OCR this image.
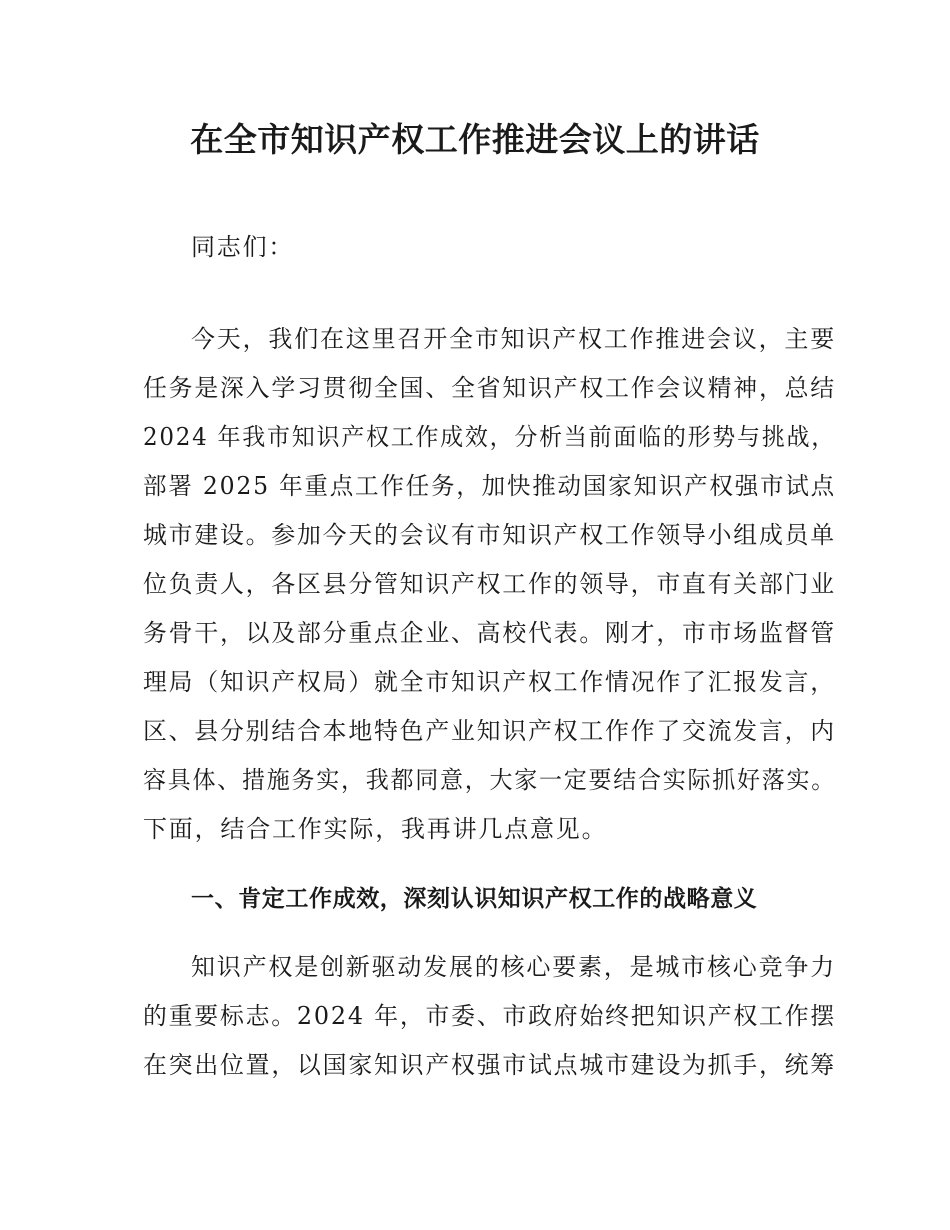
在全市知识产权工作推进会议上的讲话
同志们：
今天，我们在这里召开全市知识产权工作推进会议，主要
任务是深入学习贯彻全国、全省知识产权工作会议精神，总结
2024 年我市知识产权工作成效，分析当前面临的形势与挑战，
部署 2025 年重点工作任务，加快推动国家知识产权强市试点
城市建设。参加今天的会议有市知识产权工作领导小组成员单
位负责人，各区县分管知识产权工作的领导，市直有关部门业
务骨干，以及部分重点企业、高校代表。刚才，市市场监督管
理局（知识产权局）就全市知识产权工作情况作了汇报发言，
区、县分别结合本地特色产业知识产权工作作了交流发言，内
容具体、措施务实，我都同意，大家一定要结合实际抓好落实。
下面，结合工作实际，我再讲几点意见。
一、肯定工作成效，深刻认识知识产权工作的战略意义
知识产权是创新驱动发展的核心要素，是城市核心竞争力
的重要标志。2024 年，市委、市政府始终把知识产权工作摆
在突出位置，以国家知识产权强市试点城市建设为抓手，统筹
